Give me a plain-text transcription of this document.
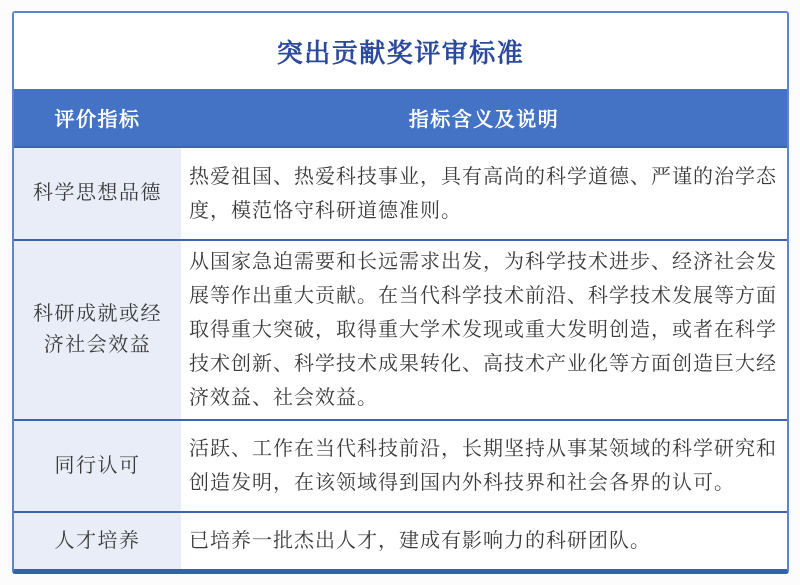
突出贡献奖评审标准
评价指标	指标含义及说明
科学思想品德

热爱祖国、热爱科技事业，具有高尚的科学道德、严谨的治学态度，模范恪守科研道德准则。

科研成就或经济社会效益

从国家急迫需要和长远需求出发，为科学技术进步、经济社会发展等作出重大贡献。在当代科学技术前沿、科学技术发展等方面取得重大突破，取得重大学术发现或重大发明创造，或者在科学技术创新、科学技术成果转化、高技术产业化等方面创造巨大经济效益、社会效益。

同行认可

活跃、工作在当代科技前沿，长期坚持从事某领域的科学研究和创造发明，在该领域得到国内外科技界和社会各界的认可。

人才培养	已培养一批杰出人才，建成有影响力的科研团队。
